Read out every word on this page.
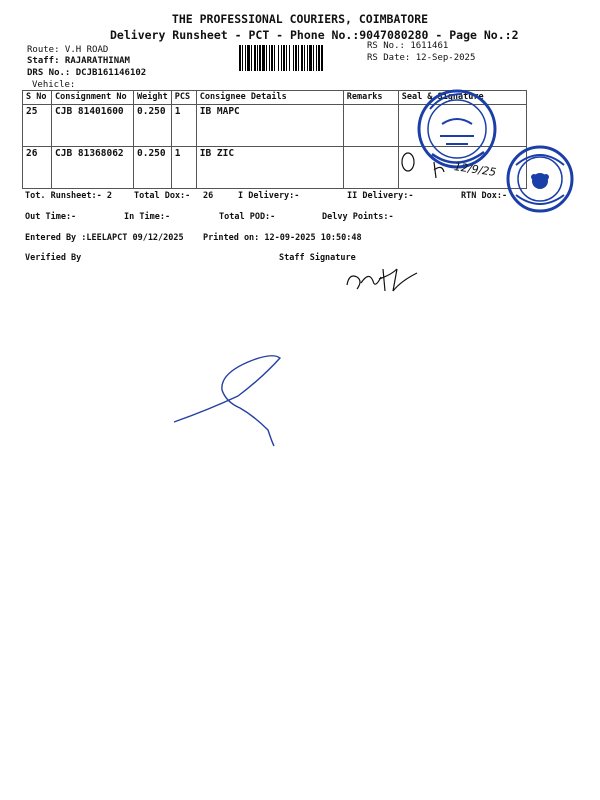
THE PROFESSIONAL COURIERS, COIMBATORE
Delivery Runsheet - PCT - Phone No.:9047080280 - Page No.:2
Route: V.H ROAD
Staff: RAJARATHINAM
DRS No.: DCJB161146102
Vehicle:
RS No.: 1611461
RS Date: 12-Sep-2025
S No	Consignment No	Weight	PCS	Consignee Details	Remarks	Seal & Signature
25	CJB 81401600	0.250	1	IB MAPC		
26	CJB 81368062	0.250	1	IB ZIC		
Tot. Runsheet:- 2	Total Dox:- 26	I Delivery:-	II Delivery:-	RTN Dox:-
Out Time:-	In Time:-	Total POD:-	Delvy Points:-
Entered By :LEELAPCT 09/12/2025 Printed on: 12-09-2025 10:50:48
Verified By	Staff Signature
12/9/25
